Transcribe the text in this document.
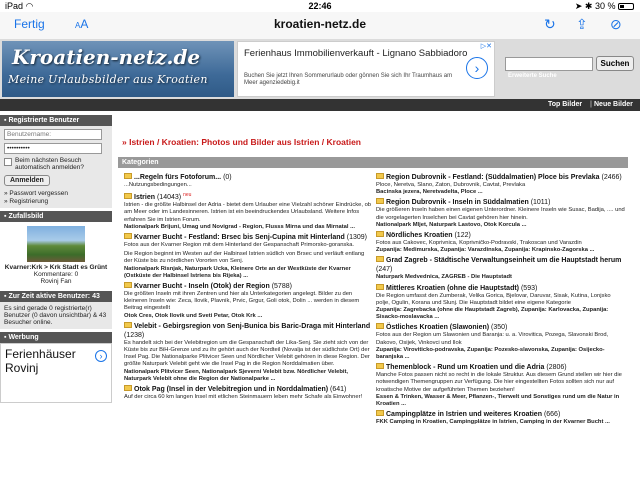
iPad ◠	22:46	➤ ✱ 30 %
Fertig	AA	kroatien-netz.de	↻ ⇪ ⊘
Kroatien-netz.de
Meine Urlaubsbilder aus Kroatien
Ferienhaus Immobilienverkauft - Lignano Sabbiadoro
Buchen Sie jetzt Ihren Sommerurlaub oder gönnen Sie sich Ihr Traumhaus am Meer agenziedebig.it
›
▷✕
Suchen
Erweiterte Suche
Top Bilder | Neue Bilder
▪ Registrierte Benutzer
Benutzername:
••••••••••
Beim nächsten Besuch automatisch anmelden?
Anmelden
» Passwort vergessen
» Registrierung
▪ Zufallsbild
Kvarner:Krk > Krk Stadt es Grünt
Kommentare: 0
Rovinj Fan
▪ Zur Zeit aktive Benutzer: 43
Es sind gerade 0 registrierte(r) Benutzer (0 davon unsichtbar) & 43 Besucher online.
▪ Werbung
Ferienhäuser Rovinj
›
» Istrien / Kroatien: Photos und Bilder aus Istrien / Kroatien
Kategorien
...Regeln fürs Fotoforum... (0)
...Nutzungsbedingungen...
Istrien (14043) $^{neu}$
Istrien - die größte Halbinsel der Adria - bietet dem Urlauber eine Vielzahl schöner Eindrücke, ob am Meer oder im Landesinneren. Istrien ist ein beeindruckendes Urlaubsland. Weitere Infos erfahren Sie im Istrien Forum.
Nationalpark Brijuni, Umag und Novigrad - Region, Flusss Mirna und das Mirnatal ...
Kvarner Bucht - Festland: Brsec bis Senj-Cupina mit Hinterland (1309)
Fotos aus der Kvarner Region mit dem Hinterland der Gespanschaft Primorsko-goranska.
Die Region beginnt im Westen auf der Halbinsel Istrien südlich von Brsec und verläuft entlang der Küste bis zu nördlichen Vororten von Senj.
Nationalpark Risnjak, Naturpark Ucka, Kleinere Orte an der Westküste der Kvarner (Ostküste der Halbinsel Istriens bis Rijeka) ...
Kvarner Bucht - Inseln (Otok) der Region (5788)
Die größten Inseln mit ihren Zentren und hier als Unterkategorien angelegt. Bilder zu den kleineren Inseln wie: Zeca, Ilovik, Plavnik, Prvic, Grgur, Goli otok, Dolin ... werden in diesem Beitrag eingestellt
Otok Cres, Otok Ilovik und Sveti Petar, Otok Krk ...
Velebit - Gebirgsregion von Senj-Bunica bis Baric-Draga mit Hinterland (1238)
Es handelt sich bei der Velebitregion um die Gespanschaft der Lika-Senj. Sie zieht sich von der Küste bis zur BiH-Grenze und zu ihr gehört auch der Nordteil (Novalja ist der südlichste Ort) der Insel Pag. Die Nationalparke Plitvicer Seen und Nördlicher Velebit gehören in diese Region. Der größte Naturpark Velebit geht wie die Insel Pag in die Region Norddalmatien über.
Nationalpark Plitvicer Seen, Nationalpark Sjeverni Velebit bzw. Nördlicher Velebit, Naturpark Velebit ohne die Region der Nationalparke ...
Otok Pag (Insel in der Velebitregion und in Norddalmatien) (641)
Auf der circa 60 km langen Insel mit etlichen Steinmauern leben mehr Schafe als Einwohner!
Region Dubrovnik - Festland: (Süddalmatien) Ploce bis Prevlaka (2466)
Ploce, Neretva, Slano, Zaton, Dubrovnik, Cavtat, Prevlaka
Bacinska jezera, Neretvadelta, Ploce ...
Region Dubrovnik - Inseln in Süddalmatien (1011)
Die größeren Inseln haben einen eigenen Unterordner. Kleinere Inseln wie Susac, Badija, .... und die vorgelagerten Inselchen bei Cavtat gehören hier hinein.
Nationalpark Mljet, Naturpark Lastovo, Otok Korcula ...
Nördliches Kroatien (122)
Fotos aus Cakovec, Koprivnica, Koprivničko-Podravski, Trakoscan und Varazdin
Zupanija: Medimurska, Zupanija: Varazdinska, Zupanija: Krapinsko-Zagorska ...
Grad Zagreb - Städtische Verwaltungseinheit um die Hauptstadt herum (247)
Naturpark Medvednica, ZAGREB - Die Hauptstadt
Mittleres Kroatien (ohne die Hauptstadt) (593)
Die Region umfasst den Zumberak, Velika Gorica, Bjelovar, Daruvar, Sisak, Kutina, Lonjsko polje, Ogulin, Korana und Slunj. Die Hauptstadt bildet eine eigene Kategorie
Zupanija: Zagrebacka (ohne die Hauptstadt Zagreb), Zupanija: Karlovacka, Zupanija: Sisacko-moslavacka ...
Östliches Kroatien (Slawonien) (350)
Fotos aus der Region um Slawonien und Baranja: u. a. Virovitica, Pozega, Slavonski Brod, Dakovo, Osijek, Vinkovci und Ilok
Zupanija: Viroviticko-podravska, Zupanija: Pozesko-slavonska, Zupanija: Osijecko-baranjska ...
Themenblock - Rund um Kroatien und die Adria (2806)
Manche Fotos passen nicht so recht in die lokale Struktur. Aus diesem Grund stellen wir hier die notwendigen Themengruppen zur Verfügung. Die hier eingestellten Fotos sollten sich nur auf kroatische Motive der aufgeführten Themen beziehen!
Essen & Trinken, Wasser & Meer, Pflanzen-, Tierwelt und Sonstiges rund um die Natur in Kroatien ...
Campingplätze in Istrien und weiteres Kroatien (666)
FKK Camping in Kroatien, Campingplätze in Istrien, Camping in der Kvarner Bucht ...
